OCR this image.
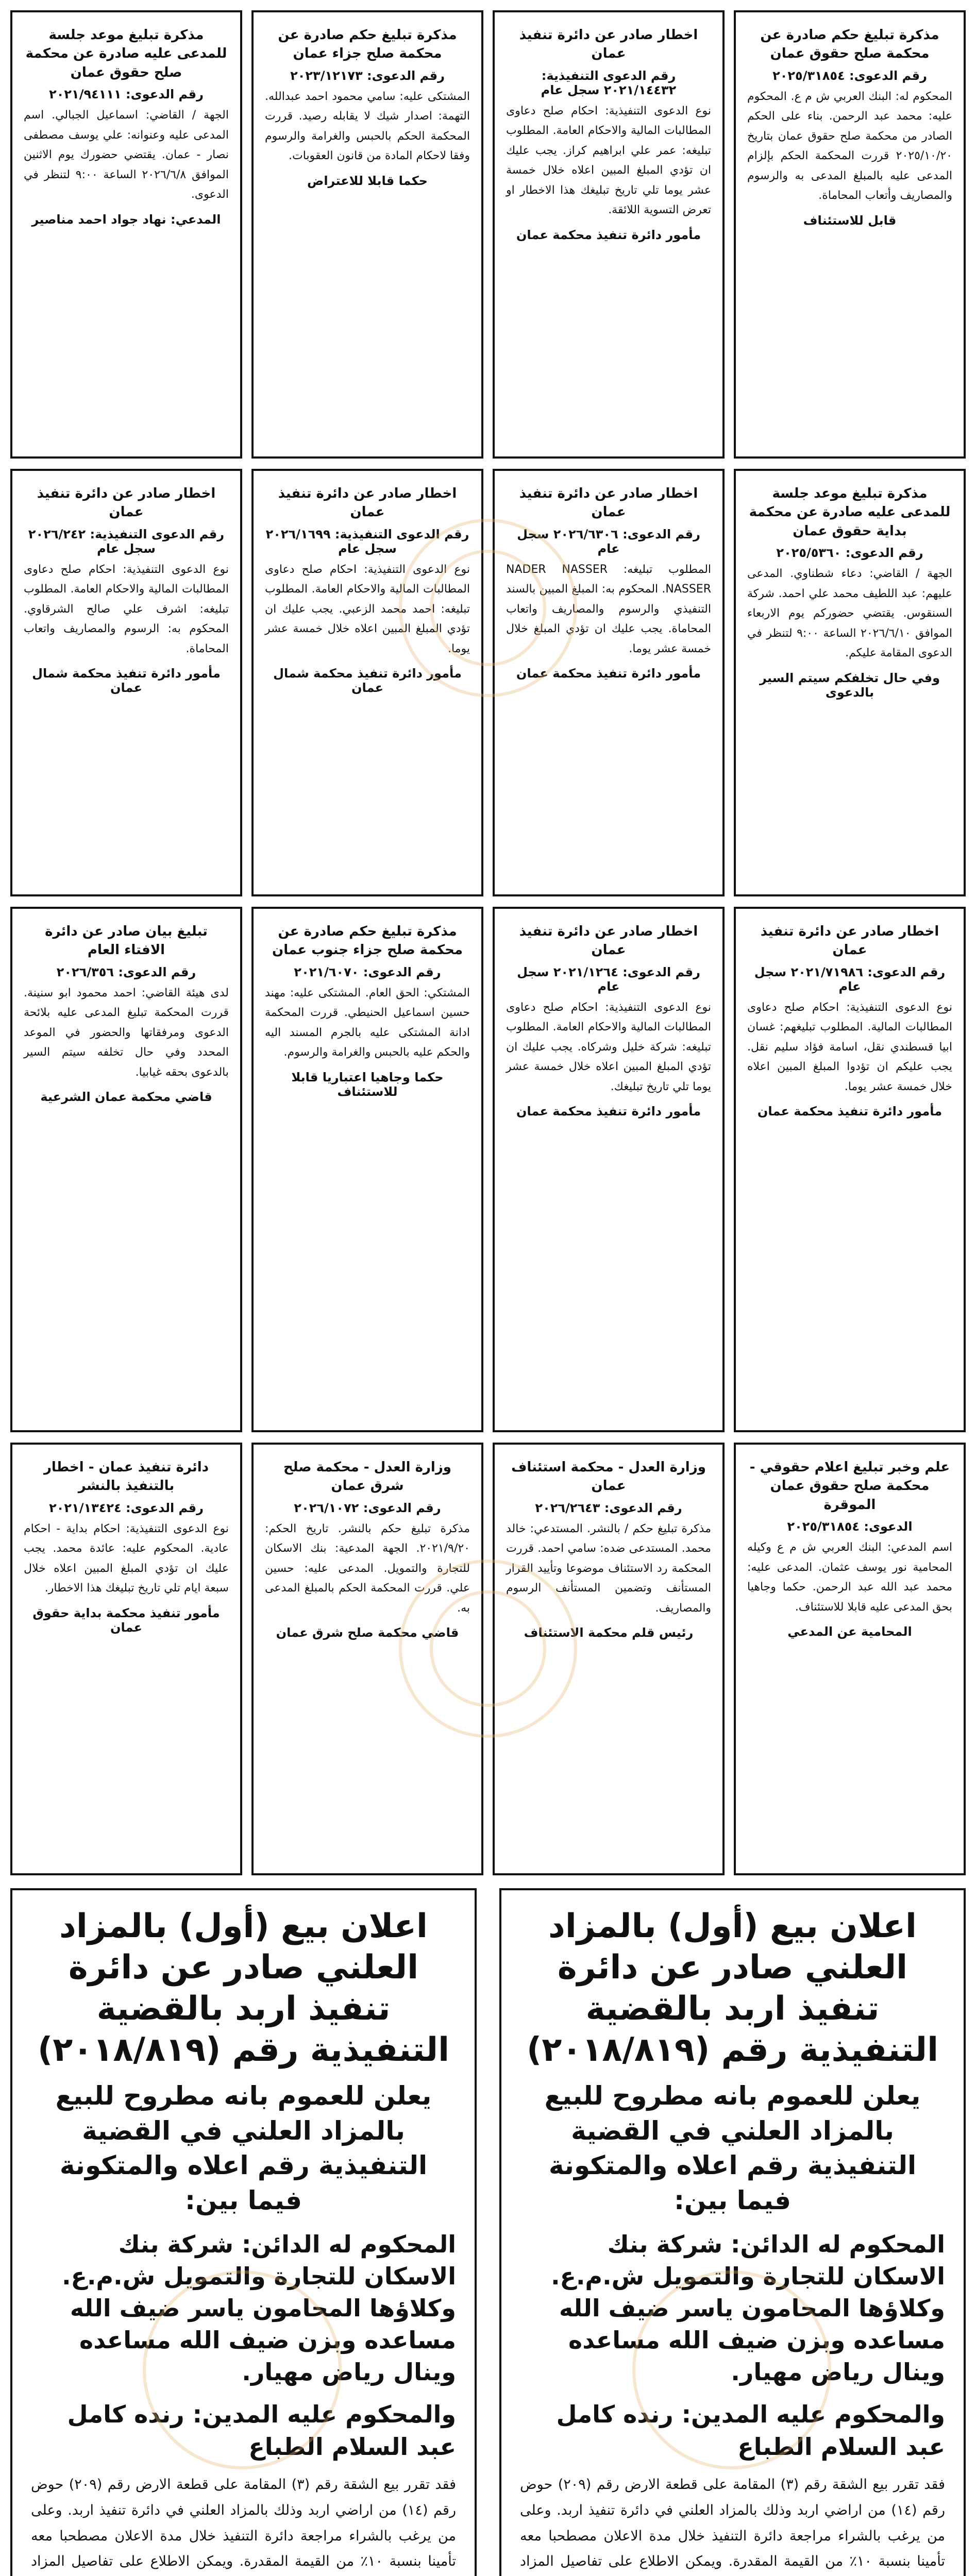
مذكرة تبليغ حكم صادرة عن محكمة صلح حقوق عمان
رقم الدعوى: ٢٠٢٥/٣١٨٥٤
المحكوم له: البنك العربي ش م ع. المحكوم عليه: محمد عبد الرحمن. بناء على الحكم الصادر من محكمة صلح حقوق عمان بتاريخ ٢٠٢٥/١٠/٢٠ قررت المحكمة الحكم بإلزام المدعى عليه بالمبلغ المدعى به والرسوم والمصاريف وأتعاب المحاماة.
قابل للاستئناف
اخطار صادر عن دائرة تنفيذ عمان
رقم الدعوى التنفيذية: ٢٠٢١/١٤٤٣٢ سجل عام
نوع الدعوى التنفيذية: احكام صلح دعاوى المطالبات المالية والاحكام العامة. المطلوب تبليغه: عمر علي ابراهيم كراز. يجب عليك ان تؤدي المبلغ المبين اعلاه خلال خمسة عشر يوما تلي تاريخ تبليغك هذا الاخطار او تعرض التسوية اللائقة.
مأمور دائرة تنفيذ محكمة عمان
مذكرة تبليغ حكم صادرة عن محكمة صلح جزاء عمان
رقم الدعوى: ٢٠٢٣/١٢١٧٣
المشتكى عليه: سامي محمود احمد عبدالله. التهمة: اصدار شيك لا يقابله رصيد. قررت المحكمة الحكم بالحبس والغرامة والرسوم وفقا لاحكام المادة من قانون العقوبات.
حكما قابلا للاعتراض
مذكرة تبليغ موعد جلسة للمدعى عليه صادرة عن محكمة صلح حقوق عمان
رقم الدعوى: ٢٠٢١/٩٤١١١
الجهة / القاضي: اسماعيل الجبالي. اسم المدعى عليه وعنوانه: علي يوسف مصطفى نصار - عمان. يقتضي حضورك يوم الاثنين الموافق ٢٠٢٦/٦/٨ الساعة ٩:٠٠ لتنظر في الدعوى.
المدعي: نهاد جواد احمد مناصير
مذكرة تبليغ موعد جلسة للمدعى عليه صادرة عن محكمة بداية حقوق عمان
رقم الدعوى: ٢٠٢٥/٥٣٦٠
الجهة / القاضي: دعاء شطناوي. المدعى عليهم: عبد اللطيف محمد علي احمد. شركة السنقوس. يقتضي حضوركم يوم الاربعاء الموافق ٢٠٢٦/٦/١٠ الساعة ٩:٠٠ لتنظر في الدعوى المقامة عليكم.
وفي حال تخلفكم سيتم السير بالدعوى
اخطار صادر عن دائرة تنفيذ عمان
رقم الدعوى: ٢٠٢٦/٦٣٠٦ سجل عام
المطلوب تبليغه: NADER NASSER NASSER. المحكوم به: المبلغ المبين بالسند التنفيذي والرسوم والمصاريف واتعاب المحاماة. يجب عليك ان تؤدي المبلغ خلال خمسة عشر يوما.
مأمور دائرة تنفيذ محكمة عمان
اخطار صادر عن دائرة تنفيذ عمان
رقم الدعوى التنفيذية: ٢٠٢٦/١٦٩٩ سجل عام
نوع الدعوى التنفيذية: احكام صلح دعاوى المطالبات المالية والاحكام العامة. المطلوب تبليغه: احمد محمد الزعبي. يجب عليك ان تؤدي المبلغ المبين اعلاه خلال خمسة عشر يوما.
مأمور دائرة تنفيذ محكمة شمال عمان
اخطار صادر عن دائرة تنفيذ عمان
رقم الدعوى التنفيذية: ٢٠٢٦/٢٤٢ سجل عام
نوع الدعوى التنفيذية: احكام صلح دعاوى المطالبات المالية والاحكام العامة. المطلوب تبليغه: اشرف علي صالح الشرقاوي. المحكوم به: الرسوم والمصاريف واتعاب المحاماة.
مأمور دائرة تنفيذ محكمة شمال عمان
اخطار صادر عن دائرة تنفيذ عمان
رقم الدعوى: ٢٠٢١/٧١٩٨٦ سجل عام
نوع الدعوى التنفيذية: احكام صلح دعاوى المطالبات المالية. المطلوب تبليغهم: غسان ابيا قسطندي نقل، اسامة فؤاد سليم نقل. يجب عليكم ان تؤدوا المبلغ المبين اعلاه خلال خمسة عشر يوما.
مأمور دائرة تنفيذ محكمة عمان
اخطار صادر عن دائرة تنفيذ عمان
رقم الدعوى: ٢٠٢١/١٢٦٤ سجل عام
نوع الدعوى التنفيذية: احكام صلح دعاوى المطالبات المالية والاحكام العامة. المطلوب تبليغه: شركة خليل وشركاه. يجب عليك ان تؤدي المبلغ المبين اعلاه خلال خمسة عشر يوما تلي تاريخ تبليغك.
مأمور دائرة تنفيذ محكمة عمان
مذكرة تبليغ حكم صادرة عن محكمة صلح جزاء جنوب عمان
رقم الدعوى: ٢٠٢١/٦٠٧٠
المشتكي: الحق العام. المشتكى عليه: مهند حسين اسماعيل الحنيطي. قررت المحكمة ادانة المشتكى عليه بالجرم المسند اليه والحكم عليه بالحبس والغرامة والرسوم.
حكما وجاهيا اعتباريا قابلا للاستئناف
تبليغ بيان صادر عن دائرة الافتاء العام
رقم الدعوى: ٢٠٢٦/٣٥٦
لدى هيئة القاضي: احمد محمود ابو سنينة. قررت المحكمة تبليغ المدعى عليه بلائحة الدعوى ومرفقاتها والحضور في الموعد المحدد وفي حال تخلفه سيتم السير بالدعوى بحقه غيابيا.
قاضي محكمة عمان الشرعية
علم وخبر تبليغ اعلام حقوقي - محكمة صلح حقوق عمان الموقرة
الدعوى: ٢٠٢٥/٣١٨٥٤
اسم المدعي: البنك العربي ش م ع وكيله المحامية نور يوسف عثمان. المدعى عليه: محمد عبد الله عبد الرحمن. حكما وجاهيا بحق المدعى عليه قابلا للاستئناف.
المحامية عن المدعي
وزارة العدل - محكمة استئناف عمان
رقم الدعوى: ٢٠٢٦/٢٦٤٣
مذكرة تبليغ حكم / بالنشر. المستدعي: خالد محمد. المستدعى ضده: سامي احمد. قررت المحكمة رد الاستئناف موضوعا وتأييد القرار المستأنف وتضمين المستأنف الرسوم والمصاريف.
رئيس قلم محكمة الاستئناف
وزارة العدل - محكمة صلح شرق عمان
رقم الدعوى: ٢٠٢٦/١٠٧٢
مذكرة تبليغ حكم بالنشر. تاريخ الحكم: ٢٠٢١/٩/٢٠. الجهة المدعية: بنك الاسكان للتجارة والتمويل. المدعى عليه: حسين علي. قررت المحكمة الحكم بالمبلغ المدعى به.
قاضي محكمة صلح شرق عمان
دائرة تنفيذ عمان - اخطار بالتنفيذ بالنشر
رقم الدعوى: ٢٠٢١/١٣٤٢٤
نوع الدعوى التنفيذية: احكام بداية - احكام عادية. المحكوم عليه: عائدة محمد. يجب عليك ان تؤدي المبلغ المبين اعلاه خلال سبعة ايام تلي تاريخ تبليغك هذا الاخطار.
مأمور تنفيذ محكمة بداية حقوق عمان
اعلان بيع (أول) بالمزاد العلني صادر عن دائرة تنفيذ اربد بالقضية التنفيذية رقم (٢٠١٨/٨١٩)
يعلن للعموم بانه مطروح للبيع بالمزاد العلني في القضية التنفيذية رقم اعلاه والمتكونة فيما بين:
المحكوم له الدائن: شركة بنك الاسكان للتجارة والتمويل ش.م.ع. وكلاؤها المحامون ياسر ضيف الله مساعده وبزن ضيف الله مساعده وينال رياض مهيار.
والمحكوم عليه المدين: رنده كامل عبد السلام الطباع
فقد تقرر بيع الشقة رقم (٣) المقامة على قطعة الارض رقم (٢٠٩) حوض رقم (١٤) من اراضي اربد وذلك بالمزاد العلني في دائرة تنفيذ اربد. وعلى من يرغب بالشراء مراجعة دائرة التنفيذ خلال مدة الاعلان مصطحبا معه تأمينا بنسبة ١٠٪ من القيمة المقدرة. ويمكن الاطلاع على تفاصيل المزاد
اعلان بيع (أول) بالمزاد العلني صادر عن دائرة تنفيذ اربد بالقضية التنفيذية رقم (٢٠١٨/٨١٩)
يعلن للعموم بانه مطروح للبيع بالمزاد العلني في القضية التنفيذية رقم اعلاه والمتكونة فيما بين:
المحكوم له الدائن: شركة بنك الاسكان للتجارة والتمويل ش.م.ع. وكلاؤها المحامون ياسر ضيف الله مساعده وبزن ضيف الله مساعده وينال رياض مهيار.
والمحكوم عليه المدين: رنده كامل عبد السلام الطباع
فقد تقرر بيع الشقة رقم (٣) المقامة على قطعة الارض رقم (٢٠٩) حوض رقم (١٤) من اراضي اربد وذلك بالمزاد العلني في دائرة تنفيذ اربد. وعلى من يرغب بالشراء مراجعة دائرة التنفيذ خلال مدة الاعلان مصطحبا معه تأمينا بنسبة ١٠٪ من القيمة المقدرة. ويمكن الاطلاع على تفاصيل المزاد
